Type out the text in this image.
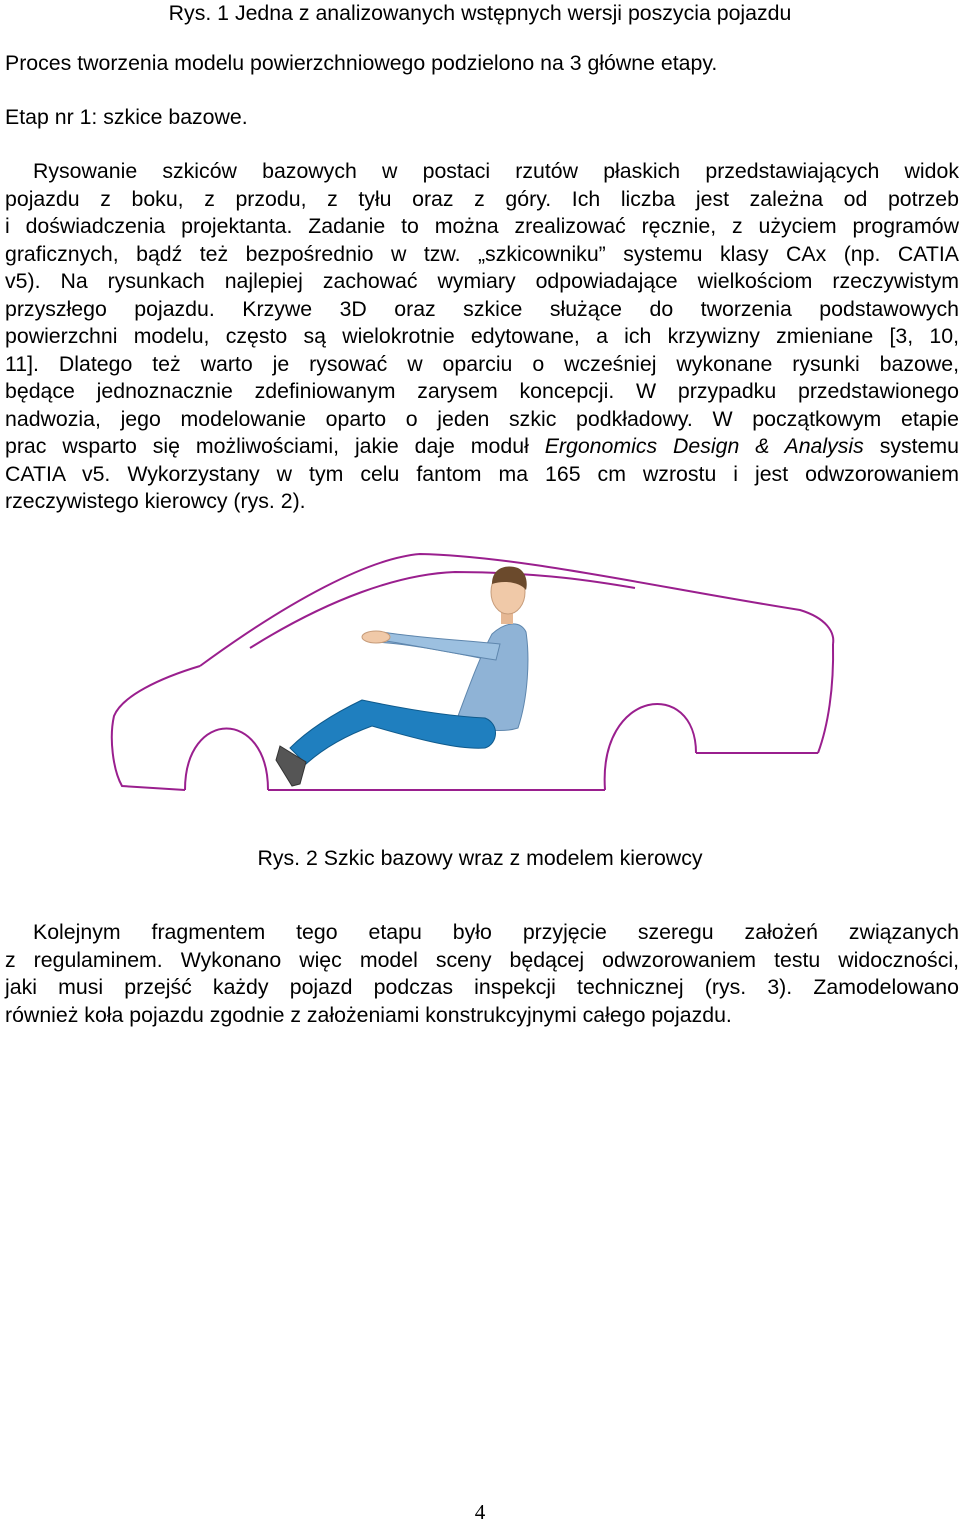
Rys. 1 Jedna z analizowanych wstępnych wersji poszycia pojazdu
Proces tworzenia modelu powierzchniowego podzielono na 3 główne etapy.
Etap nr 1: szkice bazowe.
Rysowanie szkiców bazowych w postaci rzutów płaskich przedstawiających widok
pojazdu z boku, z przodu, z tyłu oraz z góry. Ich liczba jest zależna od potrzeb
i doświadczenia projektanta. Zadanie to można zrealizować ręcznie, z użyciem programów
graficznych, bądź też bezpośrednio w tzw. „szkicowniku” systemu klasy CAx (np. CATIA
v5). Na rysunkach najlepiej zachować wymiary odpowiadające wielkościom rzeczywistym
przyszłego pojazdu. Krzywe 3D oraz szkice służące do tworzenia podstawowych
powierzchni modelu, często są wielokrotnie edytowane, a ich krzywizny zmieniane [3, 10,
11]. Dlatego też warto je rysować w oparciu o wcześniej wykonane rysunki bazowe,
będące jednoznacznie zdefiniowanym zarysem koncepcji. W przypadku przedstawionego
nadwozia, jego modelowanie oparto o jeden szkic podkładowy. W początkowym etapie
prac wsparto się możliwościami, jakie daje moduł Ergonomics Design & Analysis systemu
CATIA v5. Wykorzystany w tym celu fantom ma 165 cm wzrostu i jest odwzorowaniem
rzeczywistego kierowcy (rys. 2).
Rys. 2 Szkic bazowy wraz z modelem kierowcy
Kolejnym fragmentem tego etapu było przyjęcie szeregu założeń związanych
z regulaminem. Wykonano więc model sceny będącej odwzorowaniem testu widoczności,
jaki musi przejść każdy pojazd podczas inspekcji technicznej (rys. 3). Zamodelowano
również koła pojazdu zgodnie z założeniami konstrukcyjnymi całego pojazdu.
4
